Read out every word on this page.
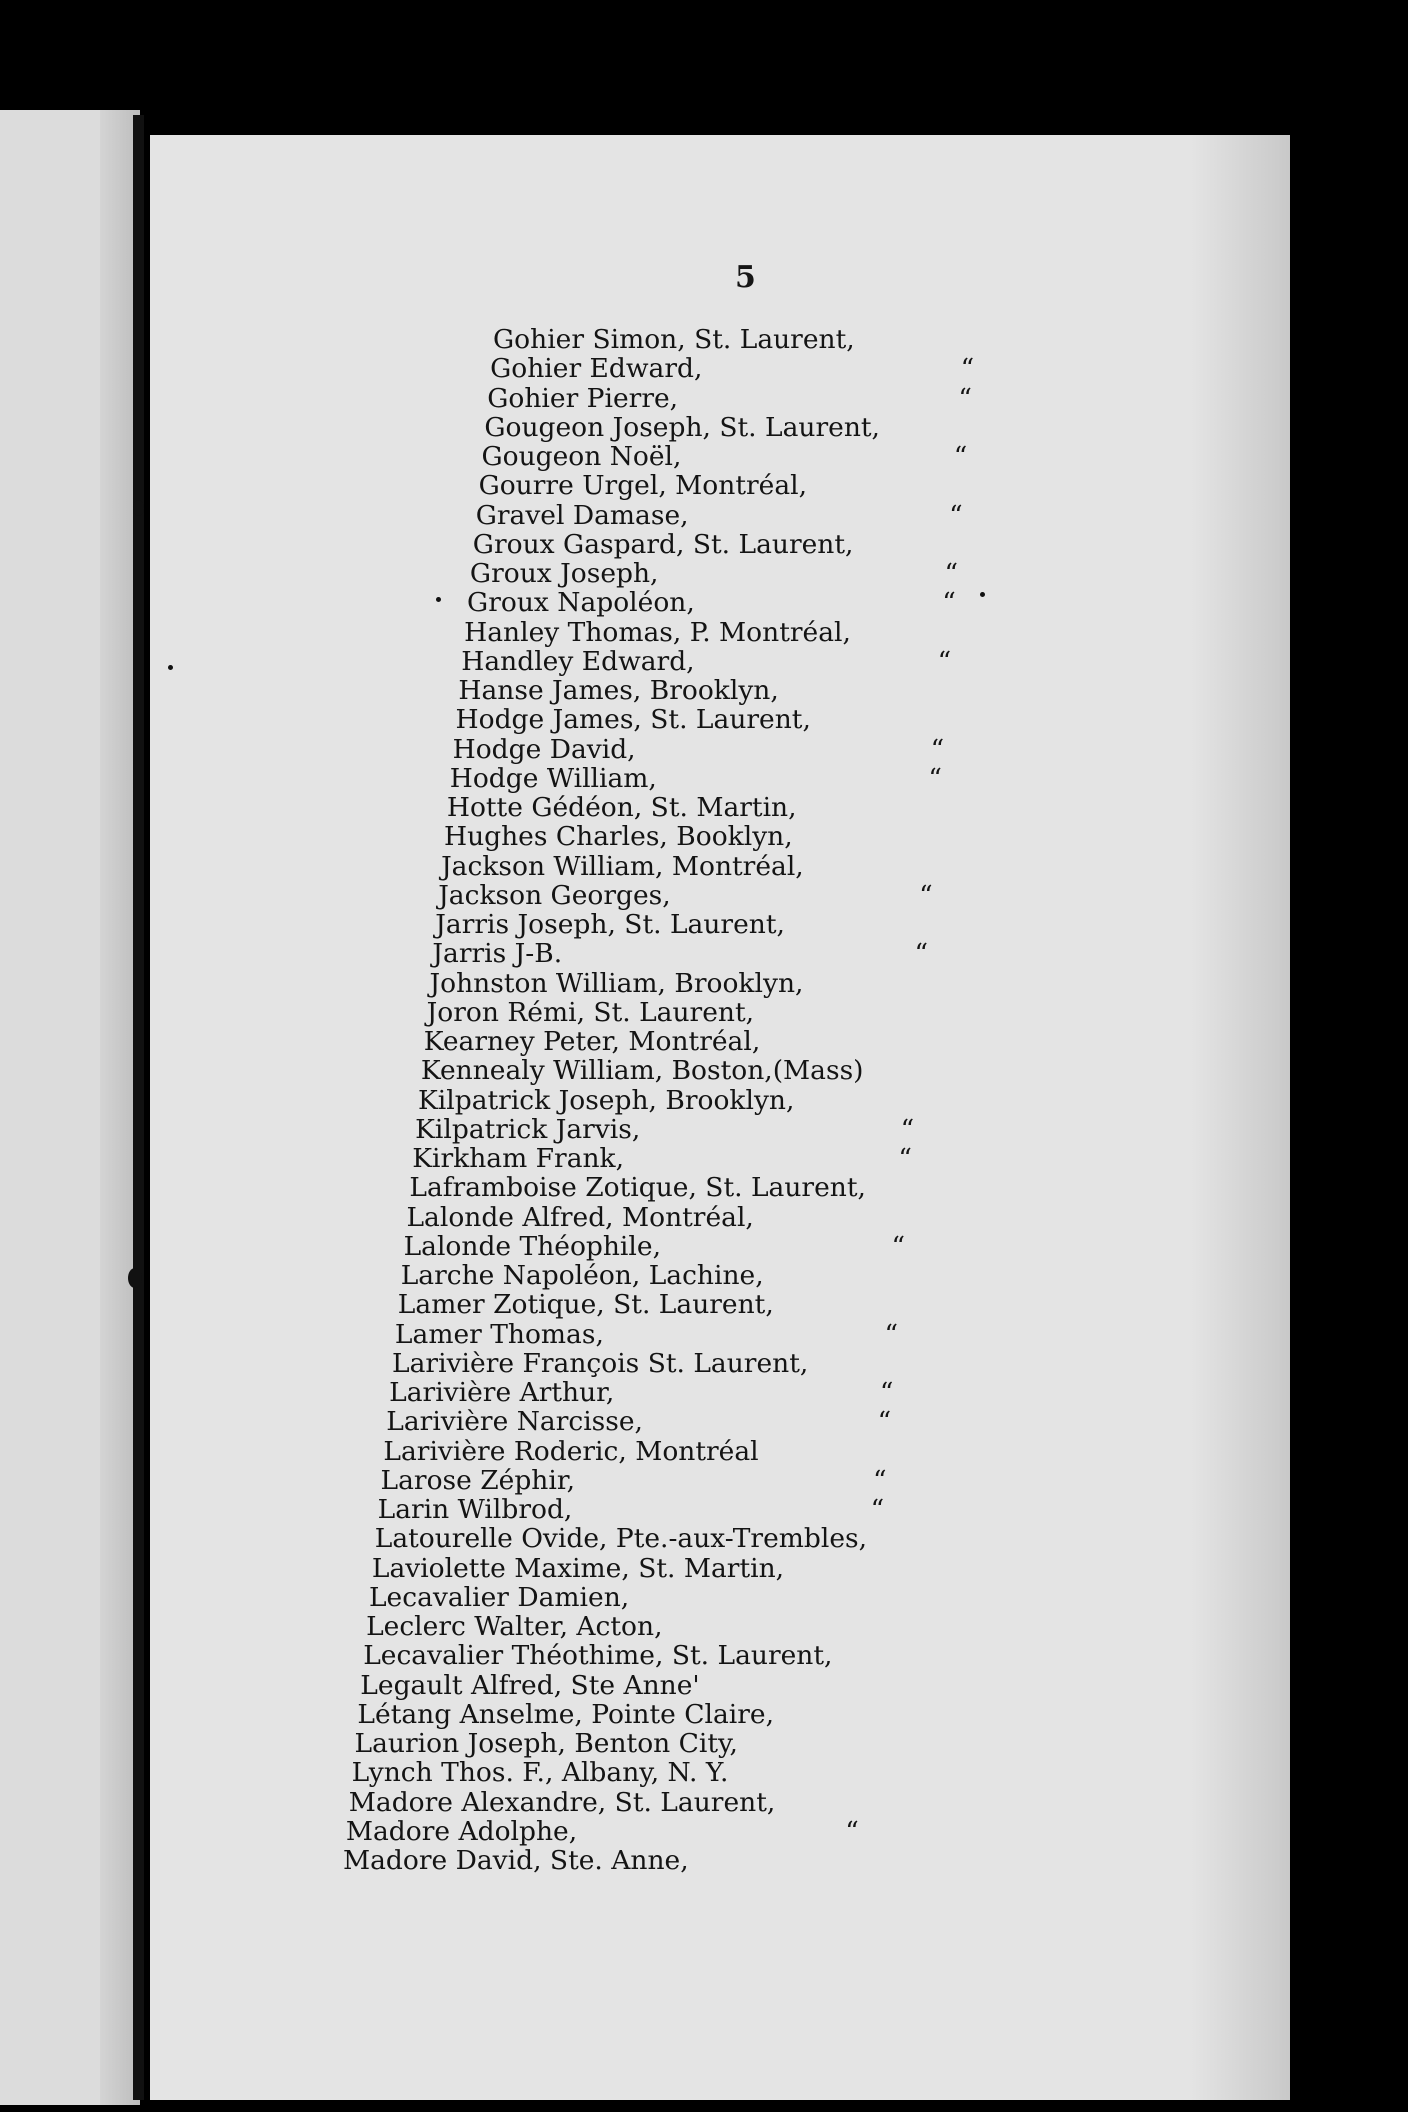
5
Gohier Simon, St. Laurent,
Gohier Edward,	“
Gohier Pierre,	“
Gougeon Joseph, St. Laurent,
Gougeon Noël,	“
Gourre Urgel, Montréal,
Gravel Damase,	“
Groux Gaspard, St. Laurent,
Groux Joseph,	“
Groux Napoléon,	“
Hanley Thomas, P. Montréal,
Handley Edward,	“
Hanse James, Brooklyn,
Hodge James, St. Laurent,
Hodge David,	“
Hodge William,	“
Hotte Gédéon, St. Martin,
Hughes Charles, Booklyn,
Jackson William, Montréal,
Jackson Georges,	“
Jarris Joseph, St. Laurent,
Jarris J-B.	“
Johnston William, Brooklyn,
Joron Rémi, St. Laurent,
Kearney Peter, Montréal,
Kennealy William, Boston,(Mass)
Kilpatrick Joseph, Brooklyn,
Kilpatrick Jarvis,	“
Kirkham Frank,	“
Laframboise Zotique, St. Laurent,
Lalonde Alfred, Montréal,
Lalonde Théophile,	“
Larche Napoléon, Lachine,
Lamer Zotique, St. Laurent,
Lamer Thomas,	“
Larivière François St. Laurent,
Larivière Arthur,	“
Larivière Narcisse,	“
Larivière Roderic, Montréal
Larose Zéphir,	“
Larin Wilbrod,	“
Latourelle Ovide, Pte.-aux-Trembles,
Laviolette Maxime, St. Martin,
Lecavalier Damien,
Leclerc Walter, Acton,
Lecavalier Théothime, St. Laurent,
Legault Alfred, Ste Anne'
Létang Anselme, Pointe Claire,
Laurion Joseph, Benton City,
Lynch Thos. F., Albany, N. Y.
Madore Alexandre, St. Laurent,
Madore Adolphe,	“
Madore David, Ste. Anne,
